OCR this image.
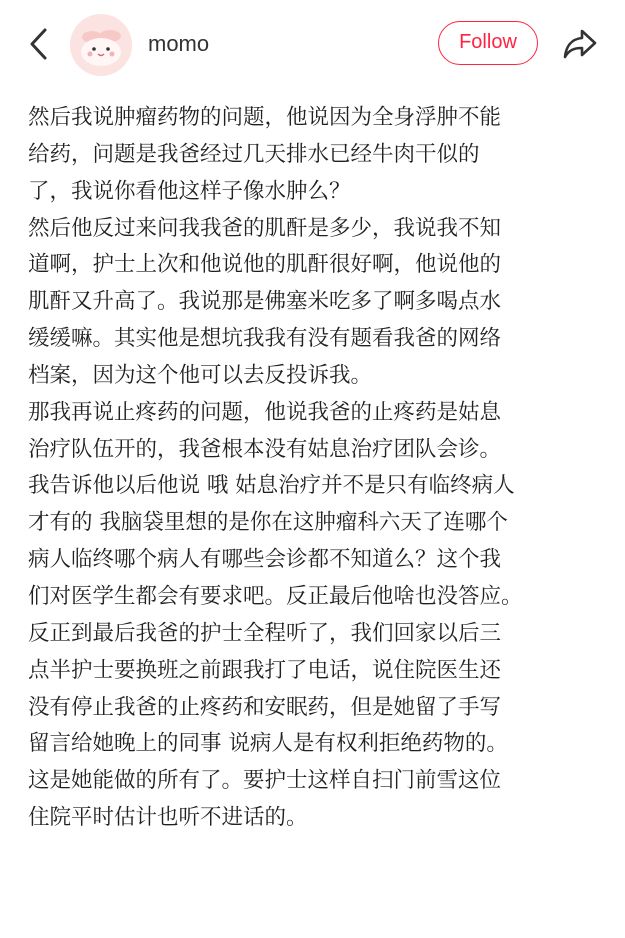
momo	Follow
然后我说肿瘤药物的问题，他说因为全身浮肿不能
给药，问题是我爸经过几天排水已经牛肉干似的
了，我说你看他这样子像水肿么？
然后他反过来问我我爸的肌酐是多少，我说我不知
道啊，护士上次和他说他的肌酐很好啊，他说他的
肌酐又升高了。我说那是佛塞米吃多了啊多喝点水
缓缓嘛。其实他是想坑我我有没有题看我爸的网络
档案，因为这个他可以去反投诉我。
那我再说止疼药的问题，他说我爸的止疼药是姑息
治疗队伍开的，我爸根本没有姑息治疗团队会诊。
我告诉他以后他说 哦 姑息治疗并不是只有临终病人
才有的 我脑袋里想的是你在这肿瘤科六天了连哪个
病人临终哪个病人有哪些会诊都不知道么？这个我
们对医学生都会有要求吧。反正最后他啥也没答应。
反正到最后我爸的护士全程听了，我们回家以后三
点半护士要换班之前跟我打了电话，说住院医生还
没有停止我爸的止疼药和安眠药，但是她留了手写
留言给她晚上的同事 说病人是有权利拒绝药物的。
这是她能做的所有了。要护士这样自扫门前雪这位
住院平时估计也听不进话的。
